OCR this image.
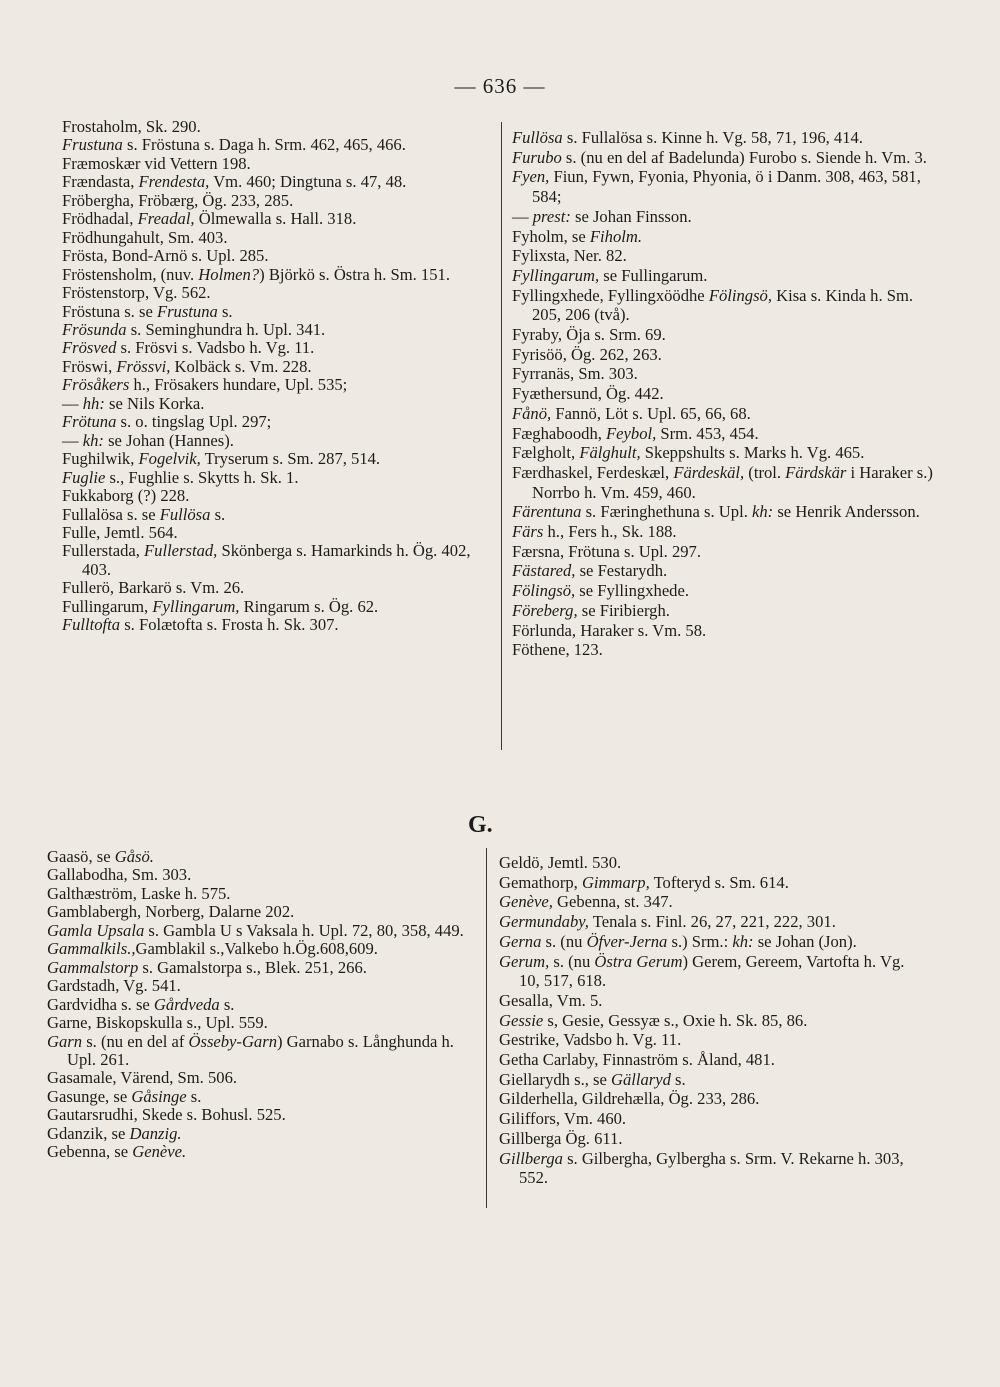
— 636 —

Frostaholm, Sk. 290.

Frustuna s. Fröstuna s. Daga h. Srm. 462, 465, 466.

Fræmoskær vid Vettern 198.

Frændasta, Frendesta, Vm. 460; Dingtuna s. 47, 48.

Fröbergha, Fröbærg, Ög. 233, 285.

Frödhadal, Freadal, Ölmewalla s. Hall. 318.

Frödhungahult, Sm. 403.

Frösta, Bond-Arnö s. Upl. 285.

Fröstensholm, (nuv. Holmen?) Björkö s. Östra h. Sm. 151.

Fröstenstorp, Vg. 562.

Fröstuna s. se Frustuna s.

Frösunda s. Seminghundra h. Upl. 341.

Frösved s. Frösvi s. Vadsbo h. Vg. 11.

Fröswi, Frössvi, Kolbäck s. Vm. 228.

Frösåkers h., Frösakers hundare, Upl. 535;

— hh: se Nils Korka.

Frötuna s. o. tingslag Upl. 297;

— kh: se Johan (Hannes).

Fughilwik, Fogelvik, Tryserum s. Sm. 287, 514.

Fuglie s., Fughlie s. Skytts h. Sk. 1.

Fukkaborg (?) 228.

Fullalösa s. se Fullösa s.

Fulle, Jemtl. 564.

Fullerstada, Fullerstad, Skönberga s. Hamarkinds h. Ög. 402, 403.

Fullerö, Barkarö s. Vm. 26.

Fullingarum, Fyllingarum, Ringarum s. Ög. 62.

Fulltofta s. Folætofta s. Frosta h. Sk. 307.

Fullösa s. Fullalösa s. Kinne h. Vg. 58, 71, 196, 414.

Furubo s. (nu en del af Badelunda) Furobo s. Siende h. Vm. 3.

Fyen, Fiun, Fywn, Fyonia, Phyonia, ö i Danm. 308, 463, 581, 584;

— prest: se Johan Finsson.

Fyholm, se Fiholm.

Fylixsta, Ner. 82.

Fyllingarum, se Fullingarum.

Fyllingxhede, Fyllingxöödhe Fölingsö, Kisa s. Kinda h. Sm. 205, 206 (två).

Fyraby, Öja s. Srm. 69.

Fyrisöö, Ög. 262, 263.

Fyrranäs, Sm. 303.

Fyæthersund, Ög. 442.

Fånö, Fannö, Löt s. Upl. 65, 66, 68.

Fæghaboodh, Feybol, Srm. 453, 454.

Fælgholt, Fälghult, Skeppshults s. Marks h. Vg. 465.

Færdhaskel, Ferdeskæl, Färdeskäl, (trol. Färdskär i Haraker s.) Norrbo h. Vm. 459, 460.

Färentuna s. Færinghethuna s. Upl. kh: se Henrik Andersson.

Färs h., Fers h., Sk. 188.

Færsna, Frötuna s. Upl. 297.

Fästared, se Festarydh.

Fölingsö, se Fyllingxhede.

Föreberg, se Firibiergh.

Förlunda, Haraker s. Vm. 58.

Föthene, 123.

G.

Gaasö, se Gåsö.

Gallabodha, Sm. 303.

Galthæström, Laske h. 575.

Gamblabergh, Norberg, Dalarne 202.

Gamla Upsala s. Gambla U s Vaksala h. Upl. 72, 80, 358, 449.

Gammalkils.,Gamblakil s.,Valkebo h.Ög.608,609.

Gammalstorp s. Gamalstorpa s., Blek. 251, 266.

Gardstadh, Vg. 541.

Gardvidha s. se Gårdveda s.

Garne, Biskopskulla s., Upl. 559.

Garn s. (nu en del af Össeby-Garn) Garnabo s. Långhunda h. Upl. 261.

Gasamale, Värend, Sm. 506.

Gasunge, se Gåsinge s.

Gautarsrudhi, Skede s. Bohusl. 525.

Gdanzik, se Danzig.

Gebenna, se Genève.

Geldö, Jemtl. 530.

Gemathorp, Gimmarp, Tofteryd s. Sm. 614.

Genève, Gebenna, st. 347.

Germundaby, Tenala s. Finl. 26, 27, 221, 222, 301.

Gerna s. (nu Öfver-Jerna s.) Srm.: kh: se Johan (Jon).

Gerum, s. (nu Östra Gerum) Gerem, Gereem, Vartofta h. Vg. 10, 517, 618.

Gesalla, Vm. 5.

Gessie s, Gesie, Gessyæ s., Oxie h. Sk. 85, 86.

Gestrike, Vadsbo h. Vg. 11.

Getha Carlaby, Finnaström s. Åland, 481.

Giellarydh s., se Gällaryd s.

Gilderhella, Gildrehælla, Ög. 233, 286.

Giliffors, Vm. 460.

Gillberga Ög. 611.

Gillberga s. Gilbergha, Gylbergha s. Srm. V. Rekarne h. 303, 552.
